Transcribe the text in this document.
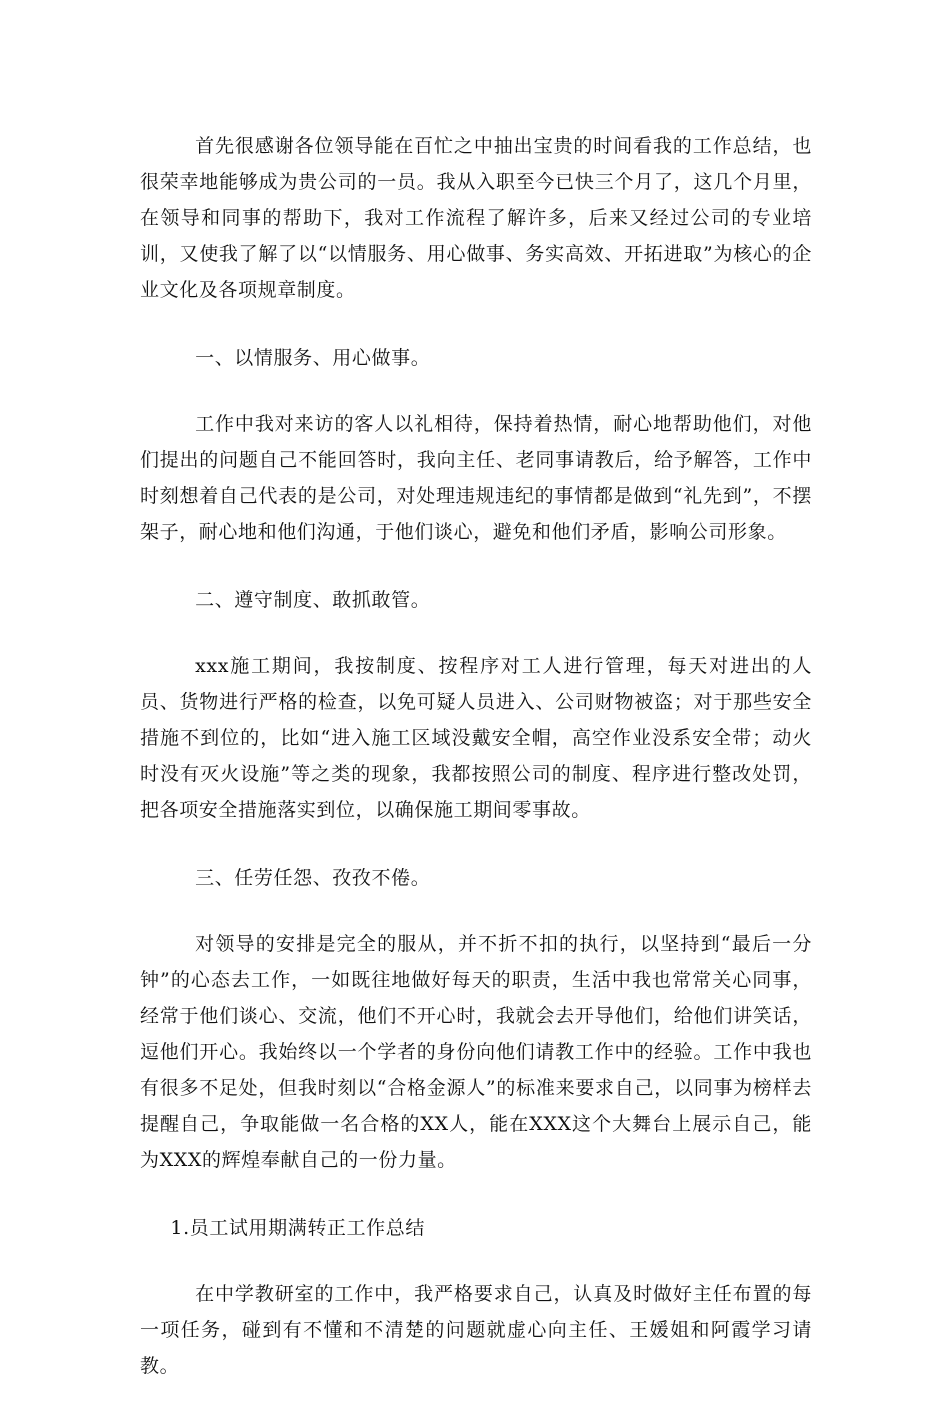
首先很感谢各位领导能在百忙之中抽出宝贵的时间看我的工作总结，也很荣幸地能够成为贵公司的一员。我从入职至今已快三个月了，这几个月里，在领导和同事的帮助下，我对工作流程了解许多，后来又经过公司的专业培训，又使我了解了以“以情服务、用心做事、务实高效、开拓进取”为核心的企业文化及各项规章制度。

一、以情服务、用心做事。

工作中我对来访的客人以礼相待，保持着热情，耐心地帮助他们，对他们提出的问题自己不能回答时，我向主任、老同事请教后，给予解答，工作中时刻想着自己代表的是公司，对处理违规违纪的事情都是做到“礼先到”，不摆架子，耐心地和他们沟通，于他们谈心，避免和他们矛盾，影响公司形象。

二、遵守制度、敢抓敢管。

xxx施工期间，我按制度、按程序对工人进行管理，每天对进出的人员、货物进行严格的检查，以免可疑人员进入、公司财物被盗；对于那些安全措施不到位的，比如“进入施工区域没戴安全帽，高空作业没系安全带；动火时没有灭火设施”等之类的现象，我都按照公司的制度、程序进行整改处罚，把各项安全措施落实到位，以确保施工期间零事故。

三、任劳任怨、孜孜不倦。

对领导的安排是完全的服从，并不折不扣的执行，以坚持到“最后一分钟”的心态去工作，一如既往地做好每天的职责，生活中我也常常关心同事，经常于他们谈心、交流，他们不开心时，我就会去开导他们，给他们讲笑话，逗他们开心。我始终以一个学者的身份向他们请教工作中的经验。工作中我也有很多不足处，但我时刻以“合格金源人”的标准来要求自己，以同事为榜样去提醒自己，争取能做一名合格的XX人，能在XXX这个大舞台上展示自己，能为XXX的辉煌奉献自己的一份力量。

1.员工试用期满转正工作总结

在中学教研室的工作中，我严格要求自己，认真及时做好主任布置的每一项任务，碰到有不懂和不清楚的问题就虚心向主任、王媛姐和阿霞学习请教。
